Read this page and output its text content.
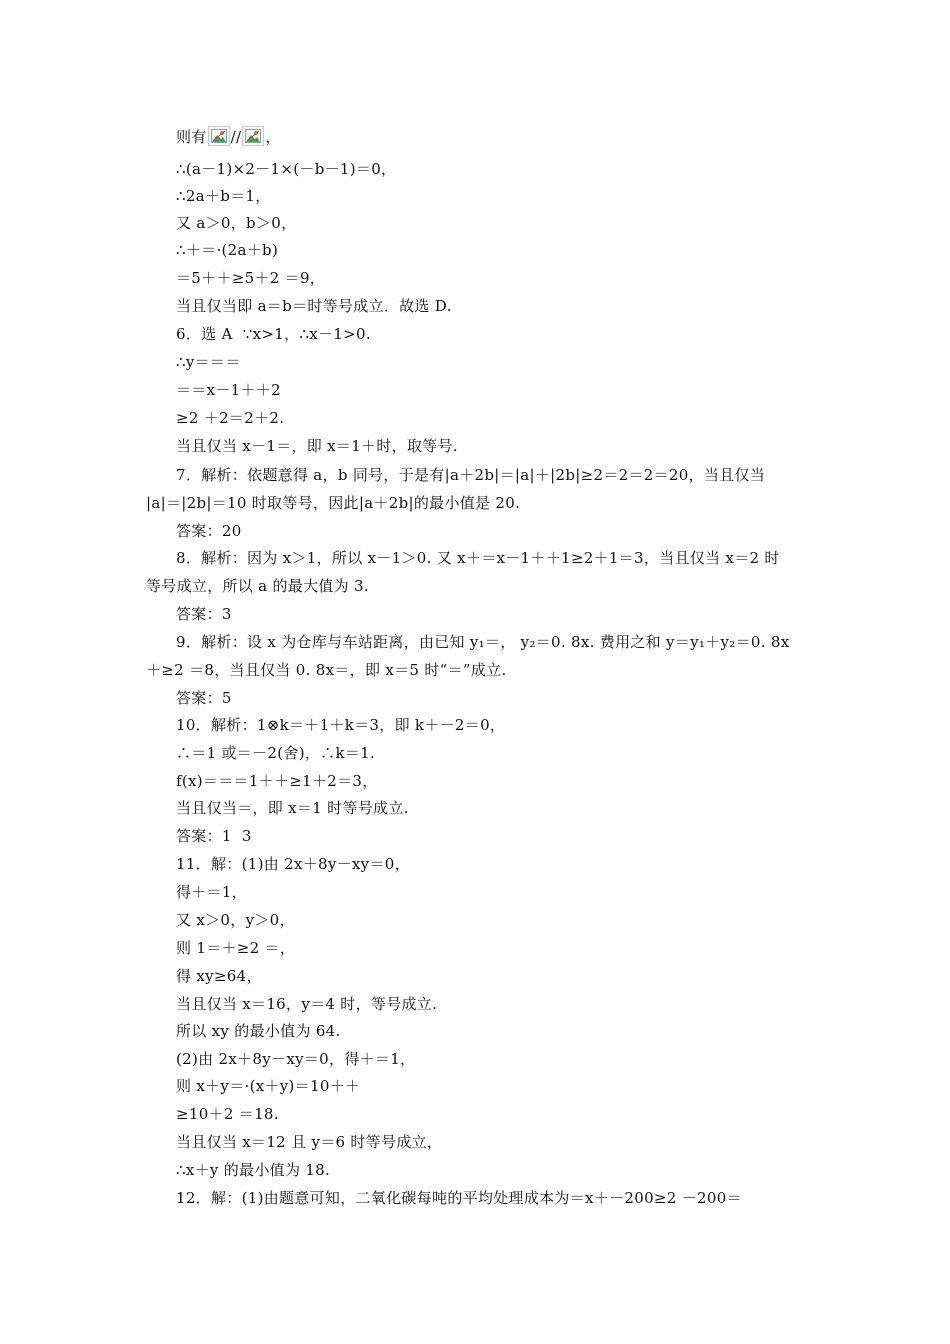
则有 // ，
∴(a－1)×2－1×(－b－1)＝0，
∴2a＋b＝1，
又 a＞0，b＞0，
∴＋＝·(2a＋b)
＝5＋＋≥5＋2 ＝9，
当且仅当即 a＝b＝时等号成立．故选 D.
6．选 A  ∵x>1，∴x－1>0.
∴y＝＝＝
＝＝x－1＋＋2
≥2 ＋2＝2＋2.
当且仅当 x－1＝，即 x＝1＋时，取等号.
7．解析：依题意得 a，b 同号，于是有|a＋2b|＝|a|＋|2b|≥2＝2＝2＝20，当且仅当
|a|＝|2b|＝10 时取等号，因此|a＋2b|的最小值是 20.
答案：20
8．解析：因为 x＞1，所以 x－1＞0. 又 x＋＝x－1＋＋1≥2＋1＝3，当且仅当 x＝2 时
等号成立，所以 a 的最大值为 3.
答案：3
9．解析：设 x 为仓库与车站距离，由已知 y₁＝， y₂＝0. 8x. 费用之和 y＝y₁＋y₂＝0. 8x
＋≥2 ＝8，当且仅当 0. 8x＝，即 x＝5 时“＝”成立.
答案：5
10．解析：1⊗k＝＋1＋k＝3，即 k＋－2＝0，
∴＝1 或＝－2(舍)，∴k＝1.
f(x)＝＝＝1＋＋≥1＋2＝3，
当且仅当＝，即 x＝1 时等号成立.
答案：1  3
11．解：(1)由 2x＋8y－xy＝0，
得＋＝1，
又 x＞0，y＞0，
则 1＝＋≥2 ＝，
得 xy≥64，
当且仅当 x＝16，y＝4 时，等号成立.
所以 xy 的最小值为 64.
(2)由 2x＋8y－xy＝0，得＋＝1，
则 x＋y＝·(x＋y)＝10＋＋
≥10＋2 ＝18.
当且仅当 x＝12 且 y＝6 时等号成立，
∴x＋y 的最小值为 18.
12．解：(1)由题意可知，二氧化碳每吨的平均处理成本为＝x＋－200≥2 －200＝
